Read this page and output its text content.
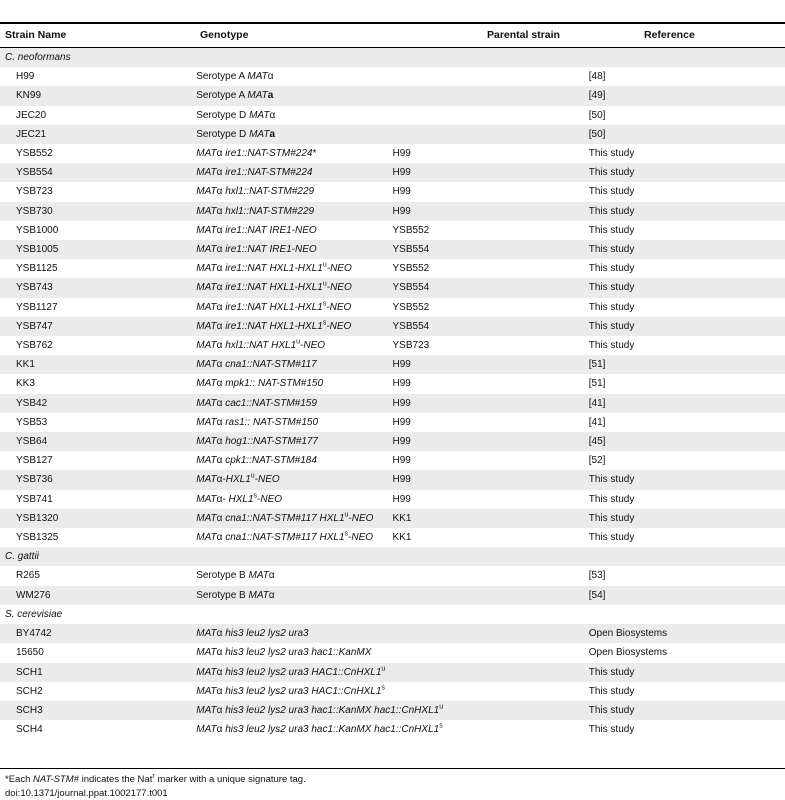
Strain Name	Genotype	Parental strain	Reference
C. neoformans			
H99	Serotype A MATα		[48]
KN99	Serotype A MATa		[49]
JEC20	Serotype D MATα		[50]
JEC21	Serotype D MATa		[50]
YSB552	MATα ire1::NAT-STM#224*	H99	This study
YSB554	MATα ire1::NAT-STM#224	H99	This study
YSB723	MATα hxl1::NAT-STM#229	H99	This study
YSB730	MATα hxl1::NAT-STM#229	H99	This study
YSB1000	MATα ire1::NAT IRE1-NEO	YSB552	This study
YSB1005	MATα ire1::NAT IRE1-NEO	YSB554	This study
YSB1125	MATα ire1::NAT HXL1-HXL1$^u$-NEO	YSB552	This study
YSB743	MATα ire1::NAT HXL1-HXL1$^u$-NEO	YSB554	This study
YSB1127	MATα ire1::NAT HXL1-HXL1$^s$-NEO	YSB552	This study
YSB747	MATα ire1::NAT HXL1-HXL1$^s$-NEO	YSB554	This study
YSB762	MATα hxl1::NAT HXL1$^u$-NEO	YSB723	This study
KK1	MATα cna1::NAT-STM#117	H99	[51]
KK3	MATα mpk1:: NAT-STM#150	H99	[51]
YSB42	MATα cac1::NAT-STM#159	H99	[41]
YSB53	MATα ras1:: NAT-STM#150	H99	[41]
YSB64	MATα hog1::NAT-STM#177	H99	[45]
YSB127	MATα cpk1::NAT-STM#184	H99	[52]
YSB736	MATα-HXL1$^u$-NEO	H99	This study
YSB741	MATα- HXL1$^s$-NEO	H99	This study
YSB1320	MATα cna1::NAT-STM#117 HXL1$^u$-NEO	KK1	This study
YSB1325	MATα cna1::NAT-STM#117 HXL1$^s$-NEO	KK1	This study
C. gattii			
R265	Serotype B MATα		[53]
WM276	Serotype B MATα		[54]
S. cerevisiae			
BY4742	MATα his3 leu2 lys2 ura3		Open Biosystems
15650	MATα his3 leu2 lys2 ura3 hac1::KanMX		Open Biosystems
SCH1	MATα his3 leu2 lys2 ura3 HAC1::CnHXL1$^u$		This study
SCH2	MATα his3 leu2 lys2 ura3 HAC1::CnHXL1$^s$		This study
SCH3	MATα his3 leu2 lys2 ura3 hac1::KanMX hac1::CnHXL1$^u$		This study
SCH4	MATα his3 leu2 lys2 ura3 hac1::KanMX hac1::CnHXL1$^s$		This study
*Each NAT-STM# indicates the Nat$^r$ marker with a unique signature tag.
doi:10.1371/journal.ppat.1002177.t001
